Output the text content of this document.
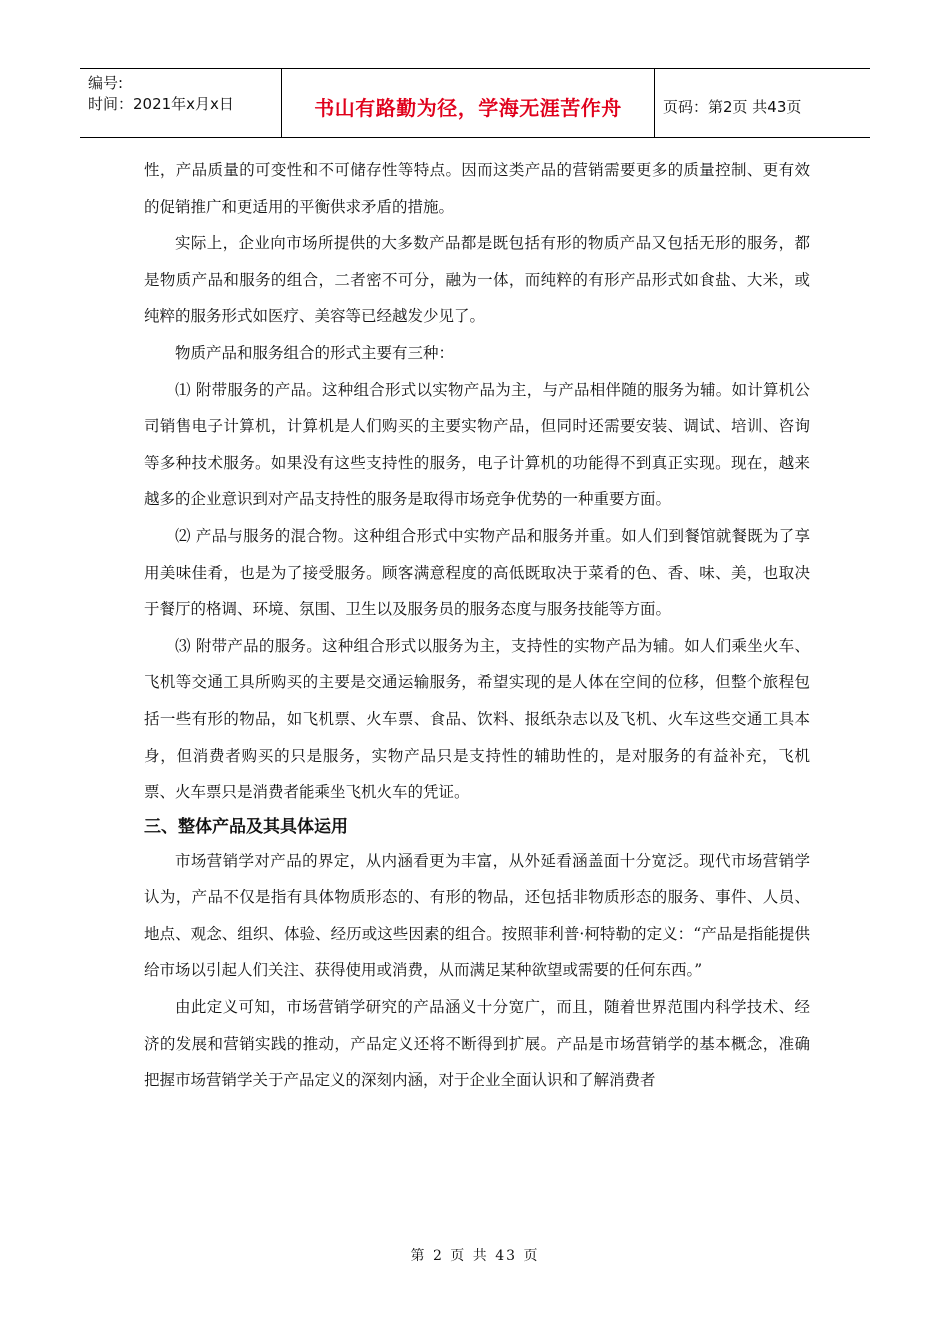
编号:
时间：2021年x月x日	书山有路勤为径，学海无涯苦作舟	页码：第2页 共43页

性，产品质量的可变性和不可储存性等特点。因而这类产品的营销需要更多的质量控制、更有效的促销推广和更适用的平衡供求矛盾的措施。

实际上，企业向市场所提供的大多数产品都是既包括有形的物质产品又包括无形的服务，都是物质产品和服务的组合，二者密不可分，融为一体，而纯粹的有形产品形式如食盐、大米，或纯粹的服务形式如医疗、美容等已经越发少见了。

物质产品和服务组合的形式主要有三种：

⑴ 附带服务的产品。这种组合形式以实物产品为主，与产品相伴随的服务为辅。如计算机公司销售电子计算机，计算机是人们购买的主要实物产品，但同时还需要安装、调试、培训、咨询等多种技术服务。如果没有这些支持性的服务，电子计算机的功能得不到真正实现。现在，越来越多的企业意识到对产品支持性的服务是取得市场竞争优势的一种重要方面。

⑵ 产品与服务的混合物。这种组合形式中实物产品和服务并重。如人们到餐馆就餐既为了享用美味佳肴，也是为了接受服务。顾客满意程度的高低既取决于菜肴的色、香、味、美，也取决于餐厅的格调、环境、氛围、卫生以及服务员的服务态度与服务技能等方面。

⑶ 附带产品的服务。这种组合形式以服务为主，支持性的实物产品为辅。如人们乘坐火车、飞机等交通工具所购买的主要是交通运输服务，希望实现的是人体在空间的位移，但整个旅程包括一些有形的物品，如飞机票、火车票、食品、饮料、报纸杂志以及飞机、火车这些交通工具本身，但消费者购买的只是服务，实物产品只是支持性的辅助性的，是对服务的有益补充，飞机票、火车票只是消费者能乘坐飞机火车的凭证。

三、整体产品及其具体运用

市场营销学对产品的界定，从内涵看更为丰富，从外延看涵盖面十分宽泛。现代市场营销学认为，产品不仅是指有具体物质形态的、有形的物品，还包括非物质形态的服务、事件、人员、地点、观念、组织、体验、经历或这些因素的组合。按照菲利普·柯特勒的定义：“产品是指能提供给市场以引起人们关注、获得使用或消费，从而满足某种欲望或需要的任何东西。”

由此定义可知，市场营销学研究的产品涵义十分宽广，而且，随着世界范围内科学技术、经济的发展和营销实践的推动，产品定义还将不断得到扩展。产品是市场营销学的基本概念，准确把握市场营销学关于产品定义的深刻内涵，对于企业全面认识和了解消费者

第 2 页 共 43 页
